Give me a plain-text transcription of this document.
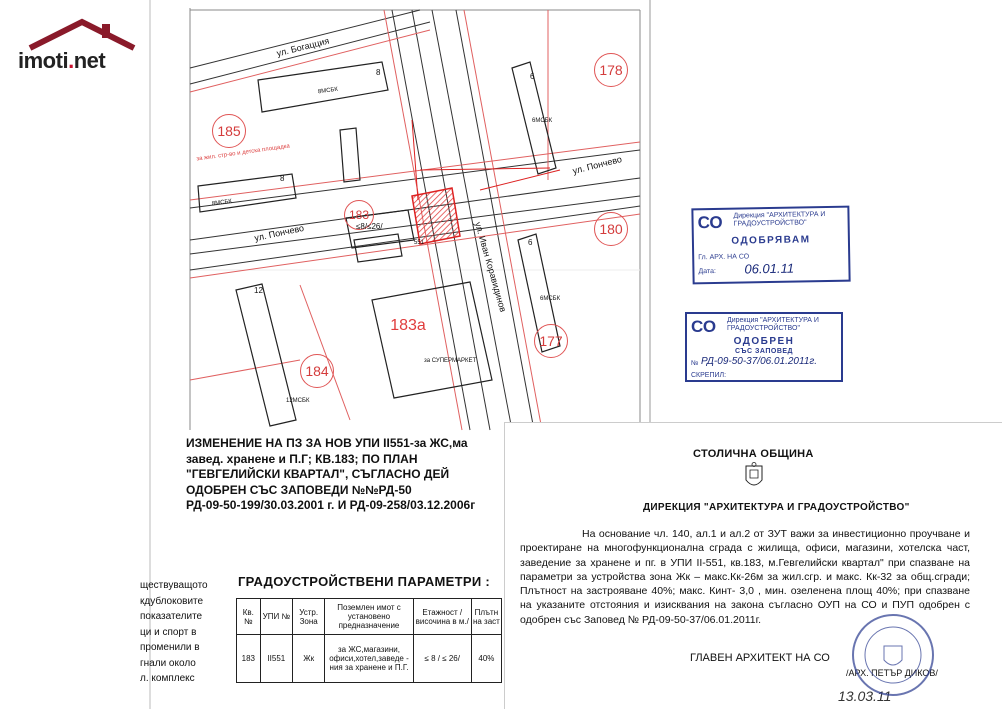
185
178
180
183
183a
177
184
ул. Богацция
ул. Пончево
ул. Пончево
ул. Иван Коравидинов
8
8МСБК
6
6МСБК
8
8МСБК
6
6МСБК
12
12МСБК
за жил. стр-во и детска площадка
за СУПЕРМАРКЕТ
≤8/≤26/
551
imoti.net
ИЗМЕНЕНИЕ НА ПЗ ЗА НОВ УПИ II551-за ЖС,ма
завед. хранене и П.Г; КВ.183; ПО ПЛАН
"ГЕВГЕЛИЙСКИ КВАРТАЛ", СЪГЛАСНО ДЕЙ
ОДОБРЕН СЪС ЗАПОВЕДИ №№РД-50
РД-09-50-199/30.03.2001 г. И РД-09-258/03.12.2006г
ществуващото
кдублоковите
показателите
ци и спорт в
променили в
гнали около
л. комплекс
ГРАДОУСТРОЙСТВЕНИ ПАРАМЕТРИ :
Кв. №	УПИ №	Устр. Зона	Поземлен имот с установено предназначение	Етажност /височина в м./	Плътн на заст
183	II551	Жк	за ЖС,магазини, офиси,хотел,заведе - ния за хранене и П.Г.	≤ 8 / ≤ 26/	40%
СТОЛИЧНА ОБЩИНА
ДИРЕКЦИЯ "АРХИТЕКТУРА И ГРАДОУСТРОЙСТВО"
На основание чл. 140, ал.1 и ал.2 от ЗУТ важи за инвестиционно проучване и проектиране на многофункционална сграда с жилища, офиси, магазини, хотелска част, заведение за хранене и пг. в УПИ II-551, кв.183, м.Гевгелийски квартал" при спазване на параметри за устройства зона Жк – макс.Кк-26м за жил.сгр. и макс. Кк-32 за общ.сгради; Плътност на застрояване 40%; макс. Кинт- 3,0 , мин. озеленена площ 40%; при спазване на указаните отстояния и изисквания на закона съгласно ОУП на СО и ПУП одобрен с одобрен със Заповед № РД-09-50-37/06.01.2011г.
ГЛАВЕН АРХИТЕКТ НА СО
/АРХ. ПЕТЪР ДИКОВ/
13.03.11
СО Дирекция "АРХИТЕКТУРА И ГРАДОУСТРОЙСТВО"
ОДОБРЯВАМ
Гл. АРХ. НА СО
Дата: 06.01.11
СО Дирекция "АРХИТЕКТУРА И ГРАДОУСТРОЙСТВО"
ОДОБРЕН
СЪС ЗАПОВЕД
№ РД-09-50-37/06.01.2011г.
СКРЕПИЛ:
